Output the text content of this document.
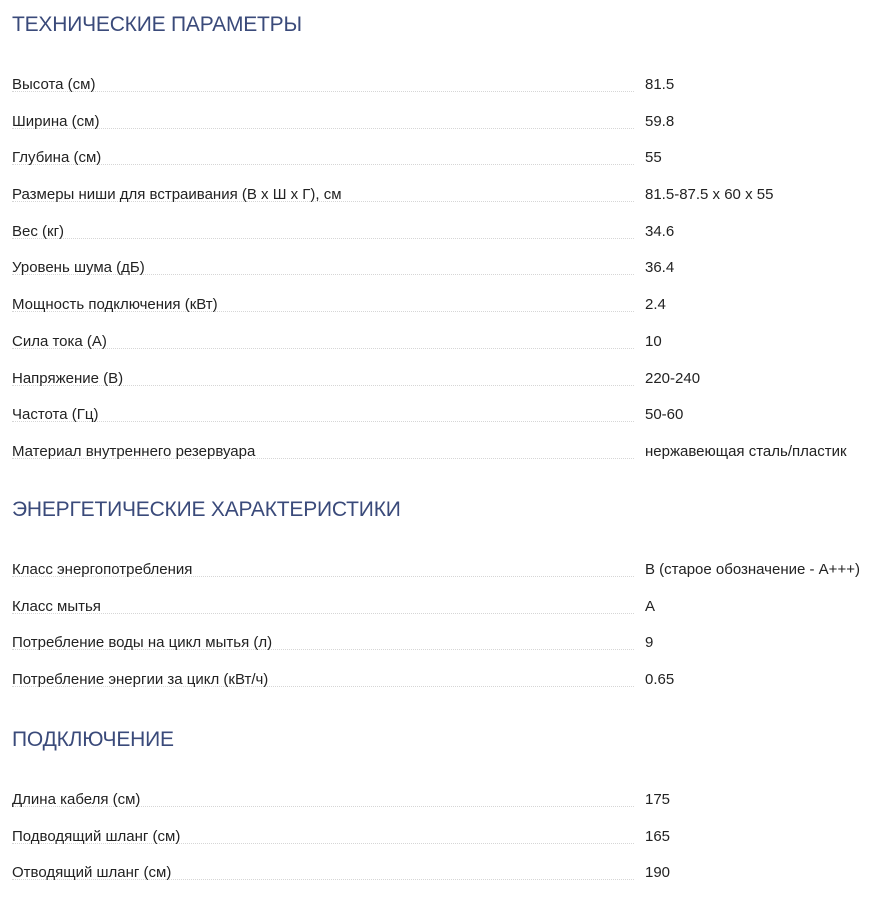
ТЕХНИЧЕСКИЕ ПАРАМЕТРЫ
Высота (см)	81.5
Ширина (см)	59.8
Глубина (см)	55
Размеры ниши для встраивания (В х Ш х Г), см	81.5-87.5 х 60 х 55
Вес (кг)	34.6
Уровень шума (дБ)	36.4
Мощность подключения (кВт)	2.4
Сила тока (А)	10
Напряжение (В)	220-240
Частота (Гц)	50-60
Материал внутреннего резервуара	нержавеющая сталь/пластик
ЭНЕРГЕТИЧЕСКИЕ ХАРАКТЕРИСТИКИ
Класс энергопотребления	B (старое обозначение - А+++)
Класс мытья	A
Потребление воды на цикл мытья (л)	9
Потребление энергии за цикл (кВт/ч)	0.65
ПОДКЛЮЧЕНИЕ
Длина кабеля (см)	175
Подводящий шланг (см)	165
Отводящий шланг (см)	190
